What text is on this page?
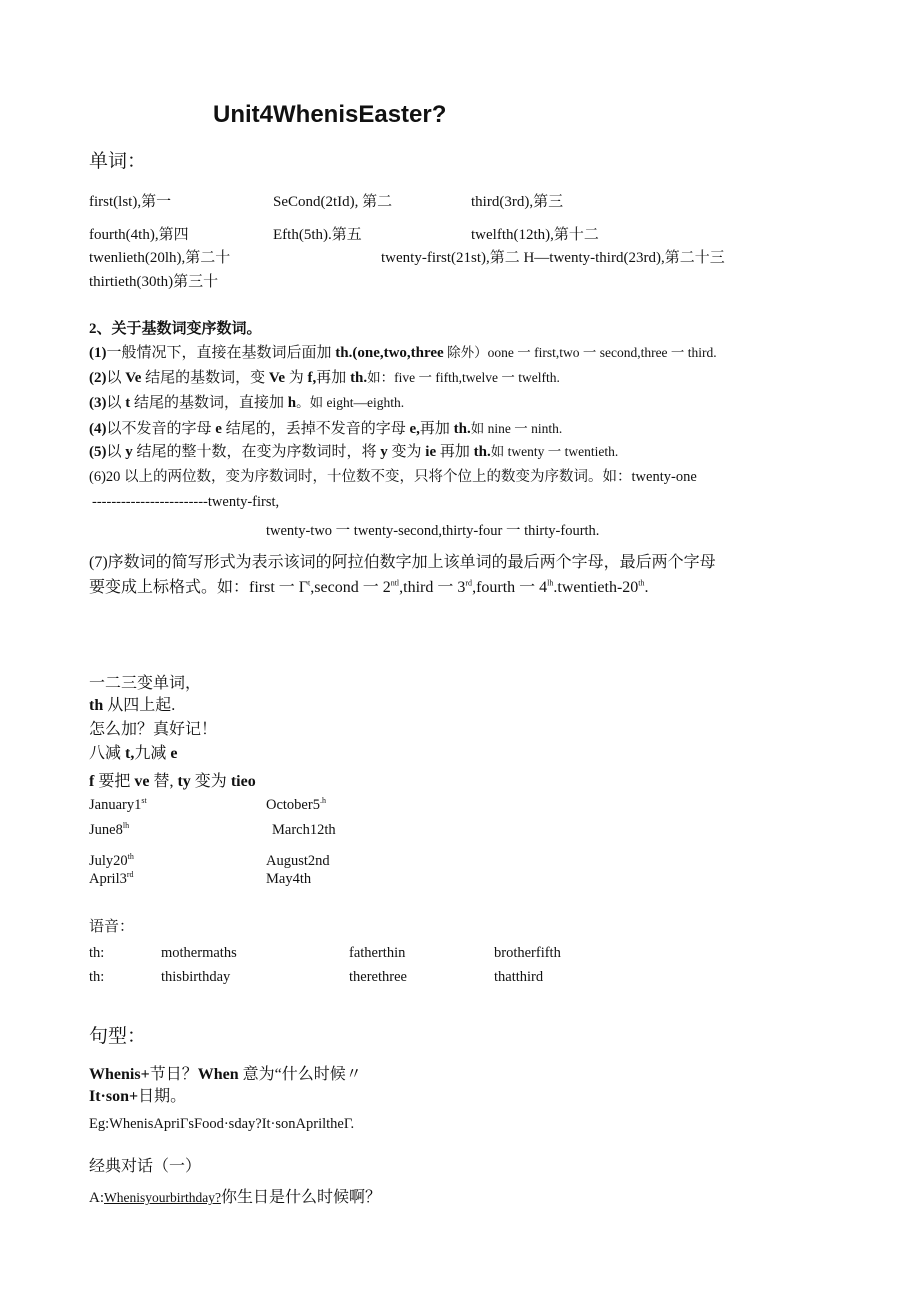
Unit4WhenisEaster?
单词：
first(lst),第一	SeCond(2tId), 第二	third(3rd),第三
fourth(4th),第四	Efth(5th).第五	twelfth(12th),第十二
twenlieth(20lh),第二十	twenty-first(21st),第二 H—twenty-third(23rd),第二十三
thirtieth(30th)第三十
2、关于基数词变序数词。
(1)一般情况下，直接在基数词后面加 th.(one,two,three 除外）oone 一 first,two 一 second,three 一 third.
(2)以 Ve 结尾的基数词，变 Ve 为 f,再加 th.如：five 一 fifth,twelve 一 twelfth.
(3)以 t 结尾的基数词，直接加 h。如 eight—eighth.
(4)以不发音的字母 e 结尾的，丢掉不发音的字母 e,再加 th.如 nine 一 ninth.
(5)以 y 结尾的整十数，在变为序数词时，将 y 变为 ie 再加 th.如 twenty 一 twentieth.
(6)20 以上的两位数，变为序数词时，十位数不变，只将个位上的数变为序数词。如：twenty-one
------------------------twenty-first,
twenty-two 一 twenty-second,thirty-four 一 thirty-fourth.
(7)序数词的简写形式为表示该词的阿拉伯数字加上该单词的最后两个字母，最后两个字母
要变成上标格式。如：first 一 $\Gamma^t,second$ 一 $2^{ntl},third$ 一 3rd,fourth 一 $4^{lh}.twentieth-20th$.
一二三变单词，
th 从四上起.
怎么加？真好记！
八减 t,九减 e
f 要把 ve 替, ty 变为 tieo
January1st	$October5^{.h}$
$June8^{lh}$	March12th
July20th	August2nd
April3rd	May4th
语音：
th:	mothermaths	fatherthin	brotherfifth
th:	thisbirthday	therethree	thatthird
句型：
Whenis+节日？When 意为“什么时候〃
It·son+日期。
Eg:WhenisApriΓsFood·sday?It·sonApriltheΓ.
经典对话（一）
A:Whenisyourbirthday?你生日是什么时候啊？
